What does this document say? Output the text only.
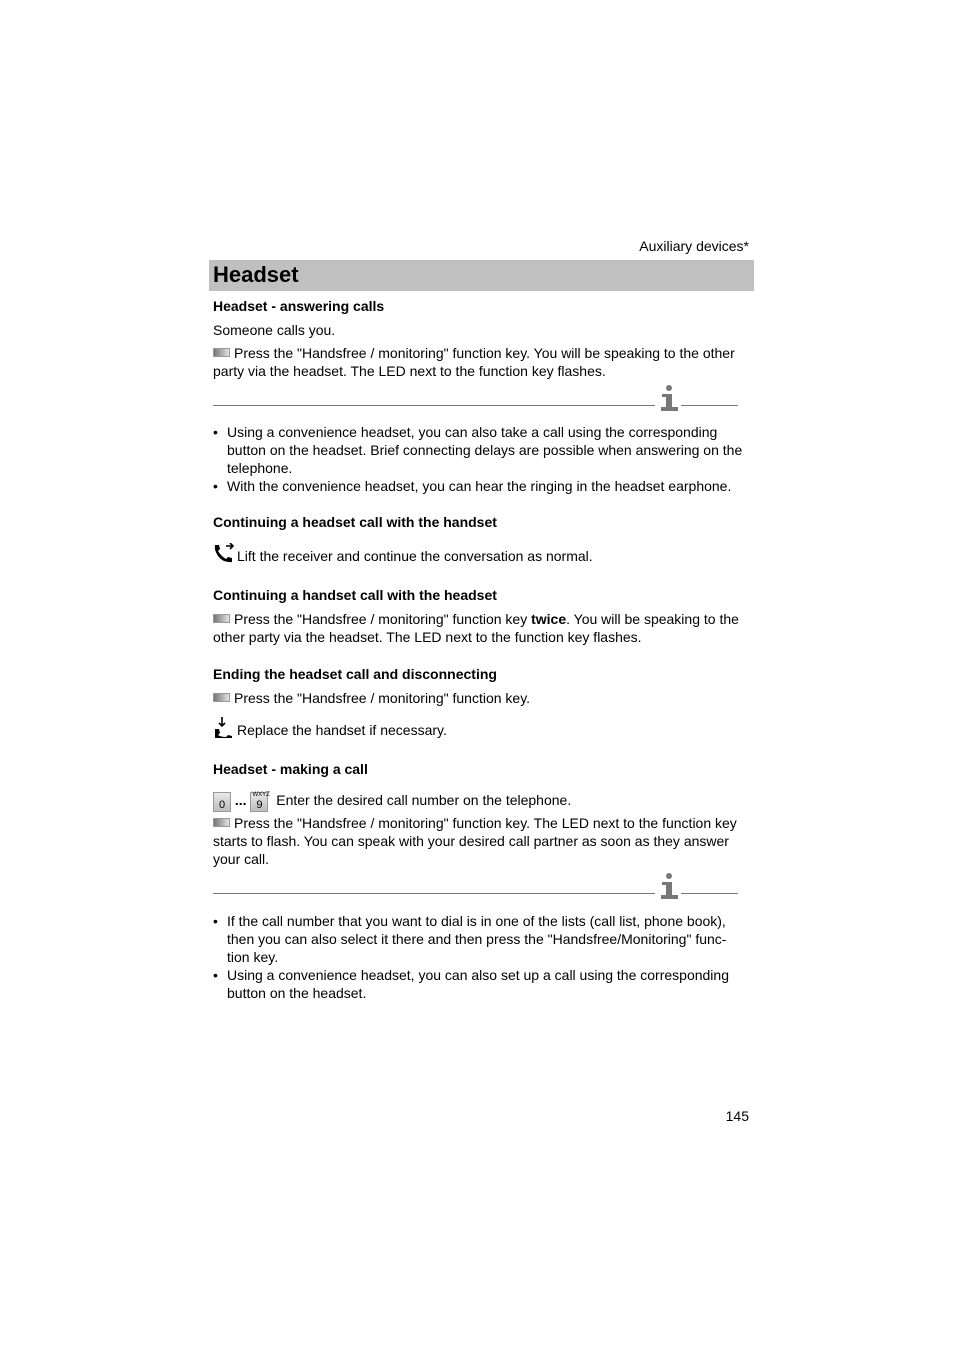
Auxiliary devices*
Headset
Headset - answering calls

Someone calls you.

Press the "Handsfree / monitoring" function key. You will be speaking to the other party via the headset. The LED next to the function key flashes.

• Using a convenience headset, you can also take a call using the corresponding button on the headset. Brief connecting delays are possible when answering on the telephone.
• With the convenience headset, you can hear the ringing in the headset earphone.
Continuing a headset call with the handset

Lift the receiver and continue the conversation as normal.

Continuing a handset call with the headset

Press the "Handsfree / monitoring" function key twice. You will be speaking to the other party via the headset. The LED next to the function key flashes.

Ending the headset call and disconnecting

Press the "Handsfree / monitoring" function key.

Replace the handset if necessary.

Headset - making a call

0 ... WXYZ
9 Enter the desired call number on the telephone.

Press the "Handsfree / monitoring" function key. The LED next to the function key starts to flash. You can speak with your desired call partner as soon as they answer your call.

• If the call number that you want to dial is in one of the lists (call list, phone book), then you can also select it there and then press the "Handsfree/Monitoring" func-tion key.
• Using a convenience headset, you can also set up a call using the corresponding button on the headset.
145
